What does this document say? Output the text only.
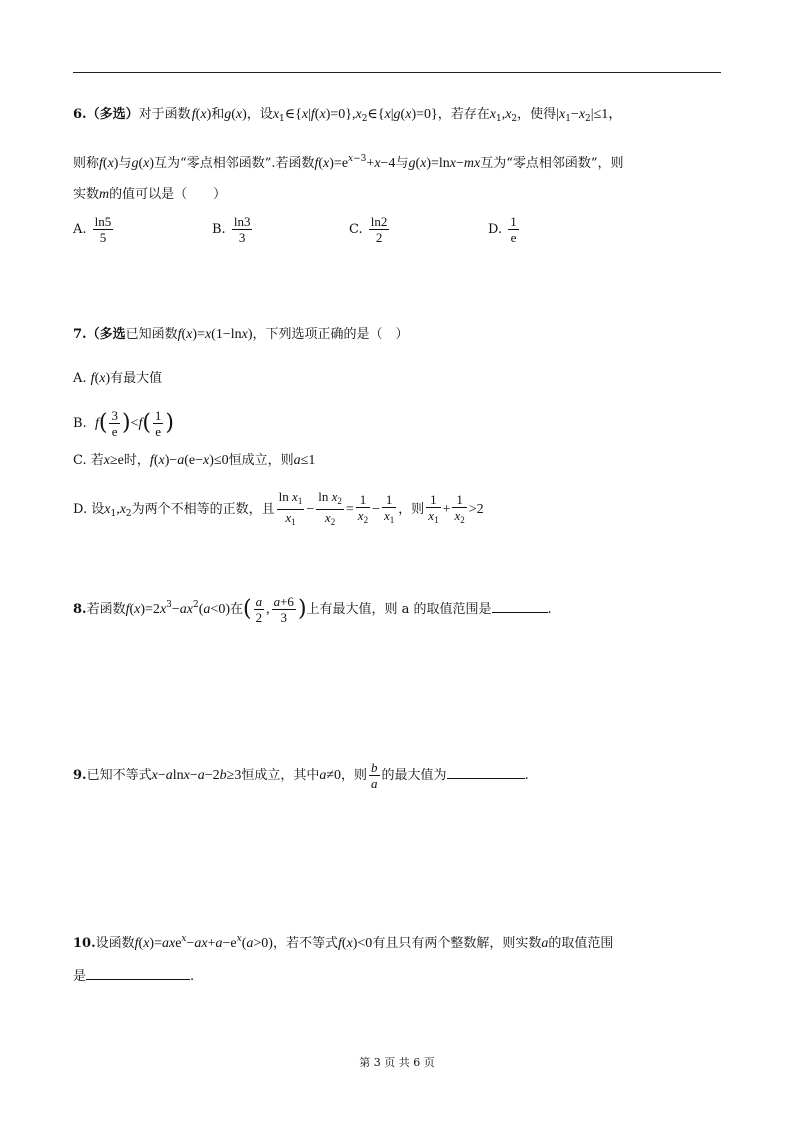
6.（多选）对于函数 f(x)和g(x)，设$x_1\in\{x|f(x)=0\},x_2\in\{x|g(x)=0\}$，若存在$x_1,x_2$，使得$|x_1-x_2|\le 1$，
则称f(x)与g(x)互为“零点相邻函数”.若函数$f(x)=e^{x-3}+x-4$与g(x)=lnx−mx互为“零点相邻函数”，则
实数m的值可以是（　　）
A. $\frac{\ln 5}{5}$	B. $\frac{\ln 3}{3}$	C. $\frac{\ln 2}{2}$	D. $\frac{1}{e}$
7.（多选已知函数f(x)=x(1−lnx)，下列选项正确的是（　）
A. f(x)有最大值
B. $f( \frac{3}{e} )<f( \frac{1}{e}$ )
C. 若x≥e时，f(x)−a(e−x)≤0恒成立，则a≤1
D. 设$x_1,x_2$为两个不相等的正数，且 $\frac{\ln x_1}{x_1} - \frac{\ln x_2}{x_2} = \frac{1}{x_2} - \frac{1}{x_1}$ ，则 $\frac{1}{x_1} + \frac{1}{x_2} >2$
8.若函数$f(x)=2x^3-ax^2(a<0)$在( $\frac{a}{2}$ , $\frac{a+6}{3}$ )上有最大值，则 a 的取值范围是	.
9.已知不等式x−alnx−a−2b≥3恒成立，其中a≠0，则 $\frac{b}{a}$ 的最大值为	.
10.设函数$f(x)=axe^x-ax+a-e^x(a>0)$，若不等式f(x)<0有且只有两个整数解，则实数a的取值范围
是	.
第 3 页 共 6 页
